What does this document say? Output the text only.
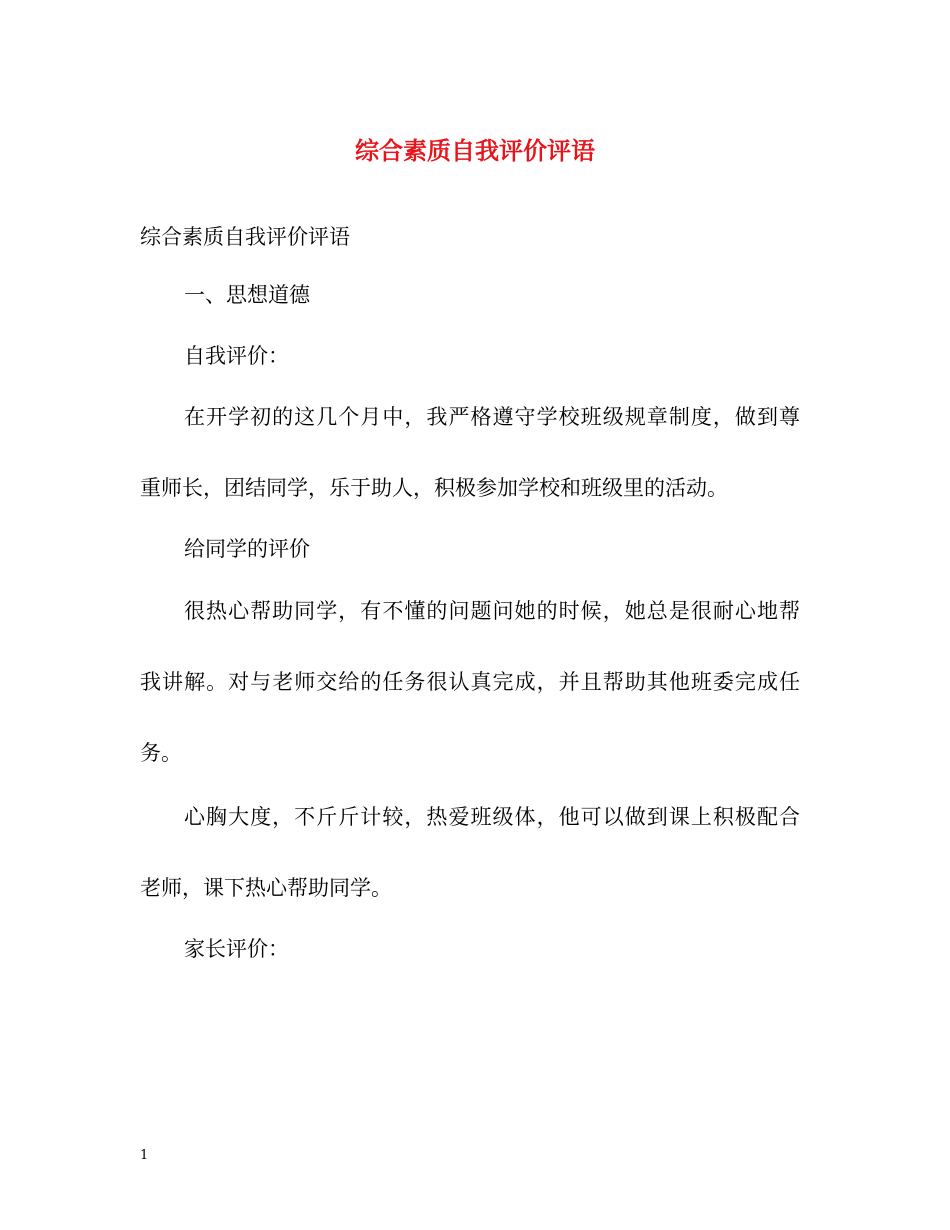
综合素质自我评价评语
综合素质自我评价评语
一、思想道德
自我评价：
在开学初的这几个月中，我严格遵守学校班级规章制度，做到尊
重师长，团结同学，乐于助人，积极参加学校和班级里的活动。
给同学的评价
很热心帮助同学，有不懂的问题问她的时候，她总是很耐心地帮
我讲解。对与老师交给的任务很认真完成，并且帮助其他班委完成任
务。
心胸大度，不斤斤计较，热爱班级体，他可以做到课上积极配合
老师，课下热心帮助同学。
家长评价：
1
